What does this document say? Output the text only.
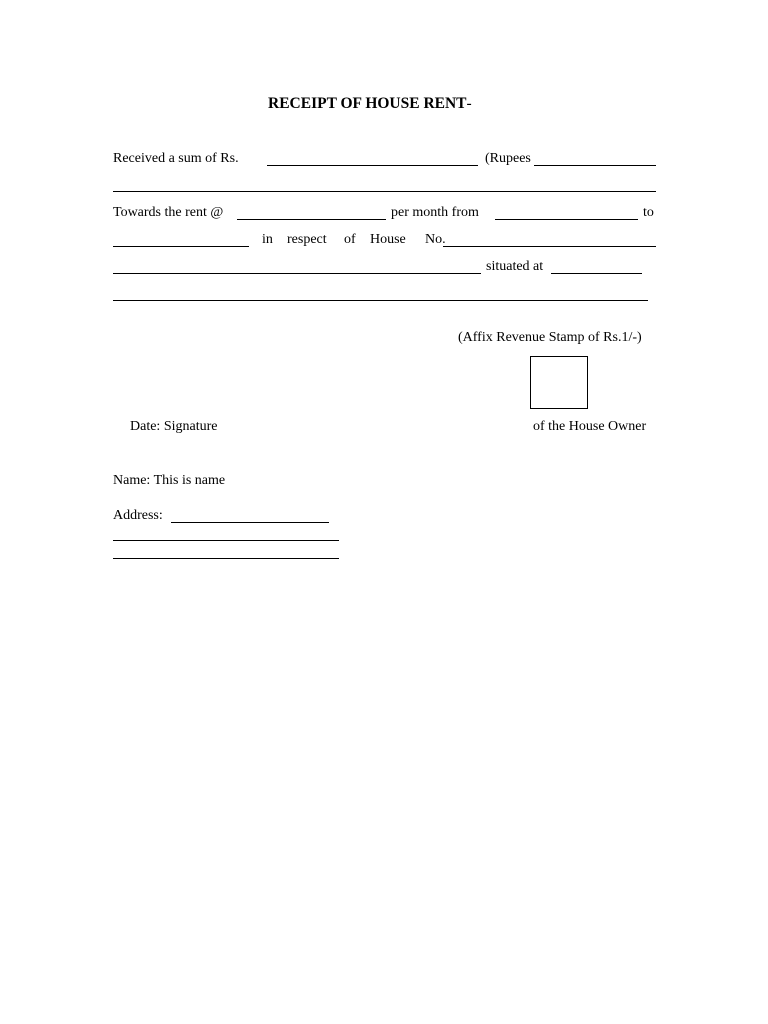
RECEIPT OF HOUSE RENT-
Received a sum of Rs.	(Rupees
Towards the rent @	per month from	to
in respect of House No.
situated at
(Affix Revenue Stamp of Rs.1/-)
Date: Signature	of the House Owner
Name: This is name
Address:
